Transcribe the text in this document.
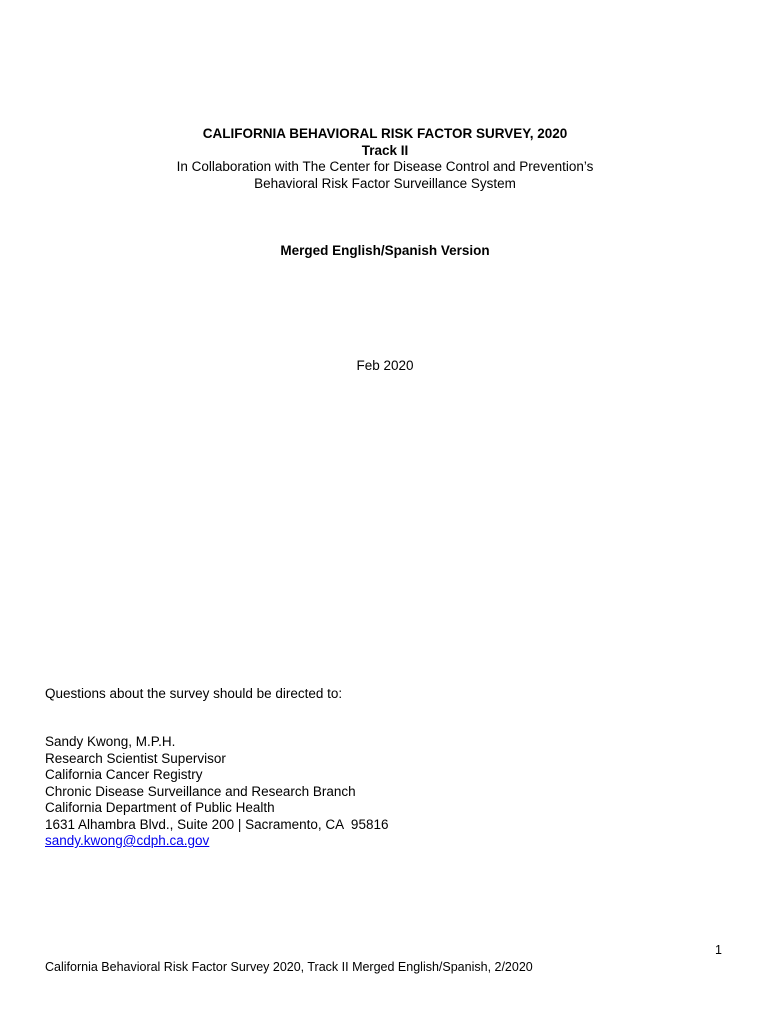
CALIFORNIA BEHAVIORAL RISK FACTOR SURVEY, 2020
Track II
In Collaboration with The Center for Disease Control and Prevention’s
Behavioral Risk Factor Surveillance System
Merged English/Spanish Version
Feb 2020
Questions about the survey should be directed to:
Sandy Kwong, M.P.H.
Research Scientist Supervisor
California Cancer Registry
Chronic Disease Surveillance and Research Branch
California Department of Public Health
1631 Alhambra Blvd., Suite 200 | Sacramento, CA  95816
sandy.kwong@cdph.ca.gov
1
California Behavioral Risk Factor Survey 2020, Track II Merged English/Spanish, 2/2020
